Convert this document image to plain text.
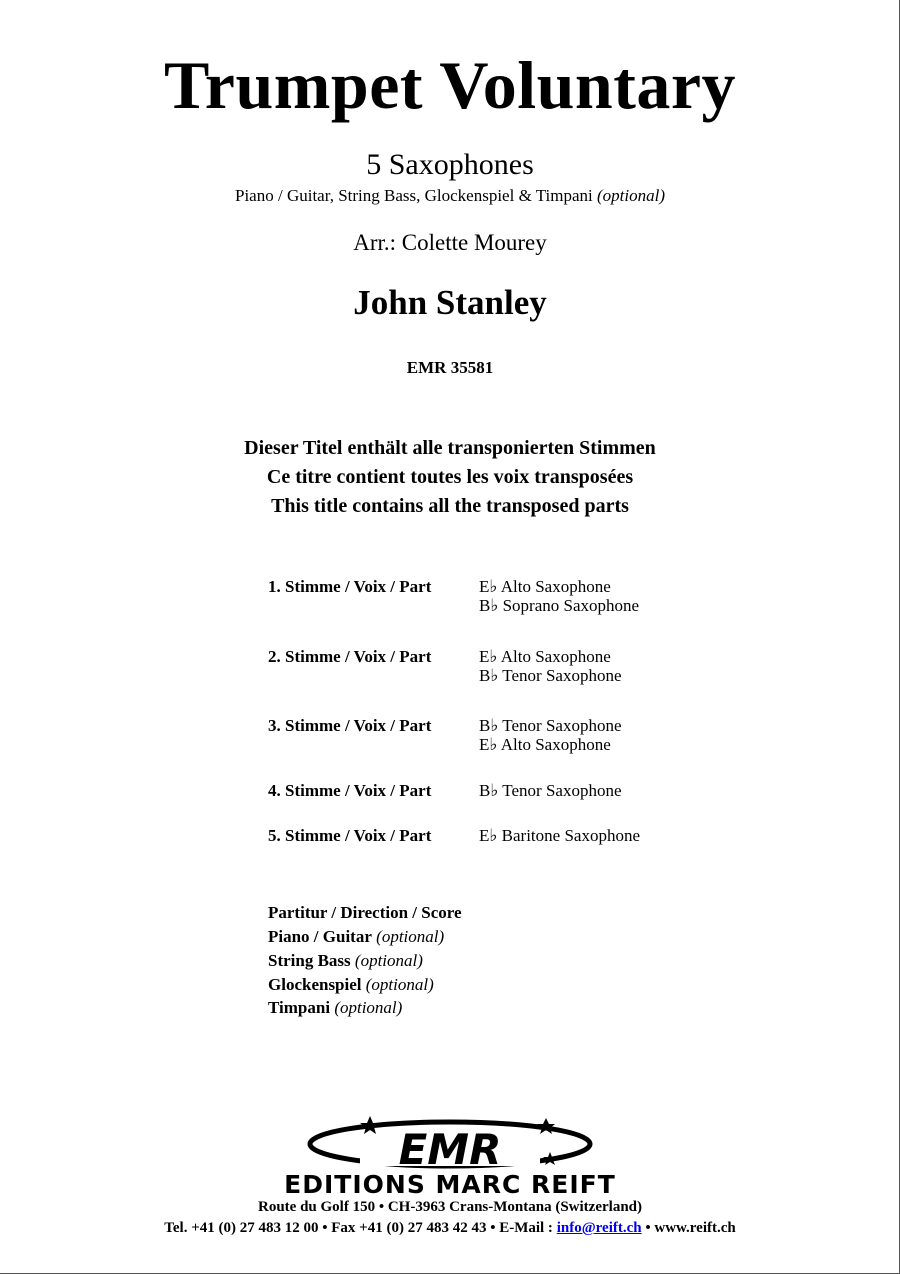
Trumpet Voluntary
5 Saxophones
Piano / Guitar, String Bass, Glockenspiel & Timpani (optional)
Arr.: Colette Mourey
John Stanley
EMR 35581
Dieser Titel enthält alle transponierten Stimmen
Ce titre contient toutes les voix transposées
This title contains all the transposed parts
1. Stimme / Voix / Part	E♭ Alto Saxophone
B♭ Soprano Saxophone
2. Stimme / Voix / Part	E♭ Alto Saxophone
B♭ Tenor Saxophone
3. Stimme / Voix / Part	B♭ Tenor Saxophone
E♭ Alto Saxophone
4. Stimme / Voix / Part	B♭ Tenor Saxophone
5. Stimme / Voix / Part	E♭ Baritone Saxophone
Partitur / Direction / Score
Piano / Guitar (optional)
String Bass (optional)
Glockenspiel (optional)
Timpani (optional)
EMR
EDITIONS MARC REIFT
Route du Golf 150 • CH-3963 Crans-Montana (Switzerland)
Tel. +41 (0) 27 483 12 00 • Fax +41 (0) 27 483 42 43 • E-Mail : info@reift.ch • www.reift.ch
